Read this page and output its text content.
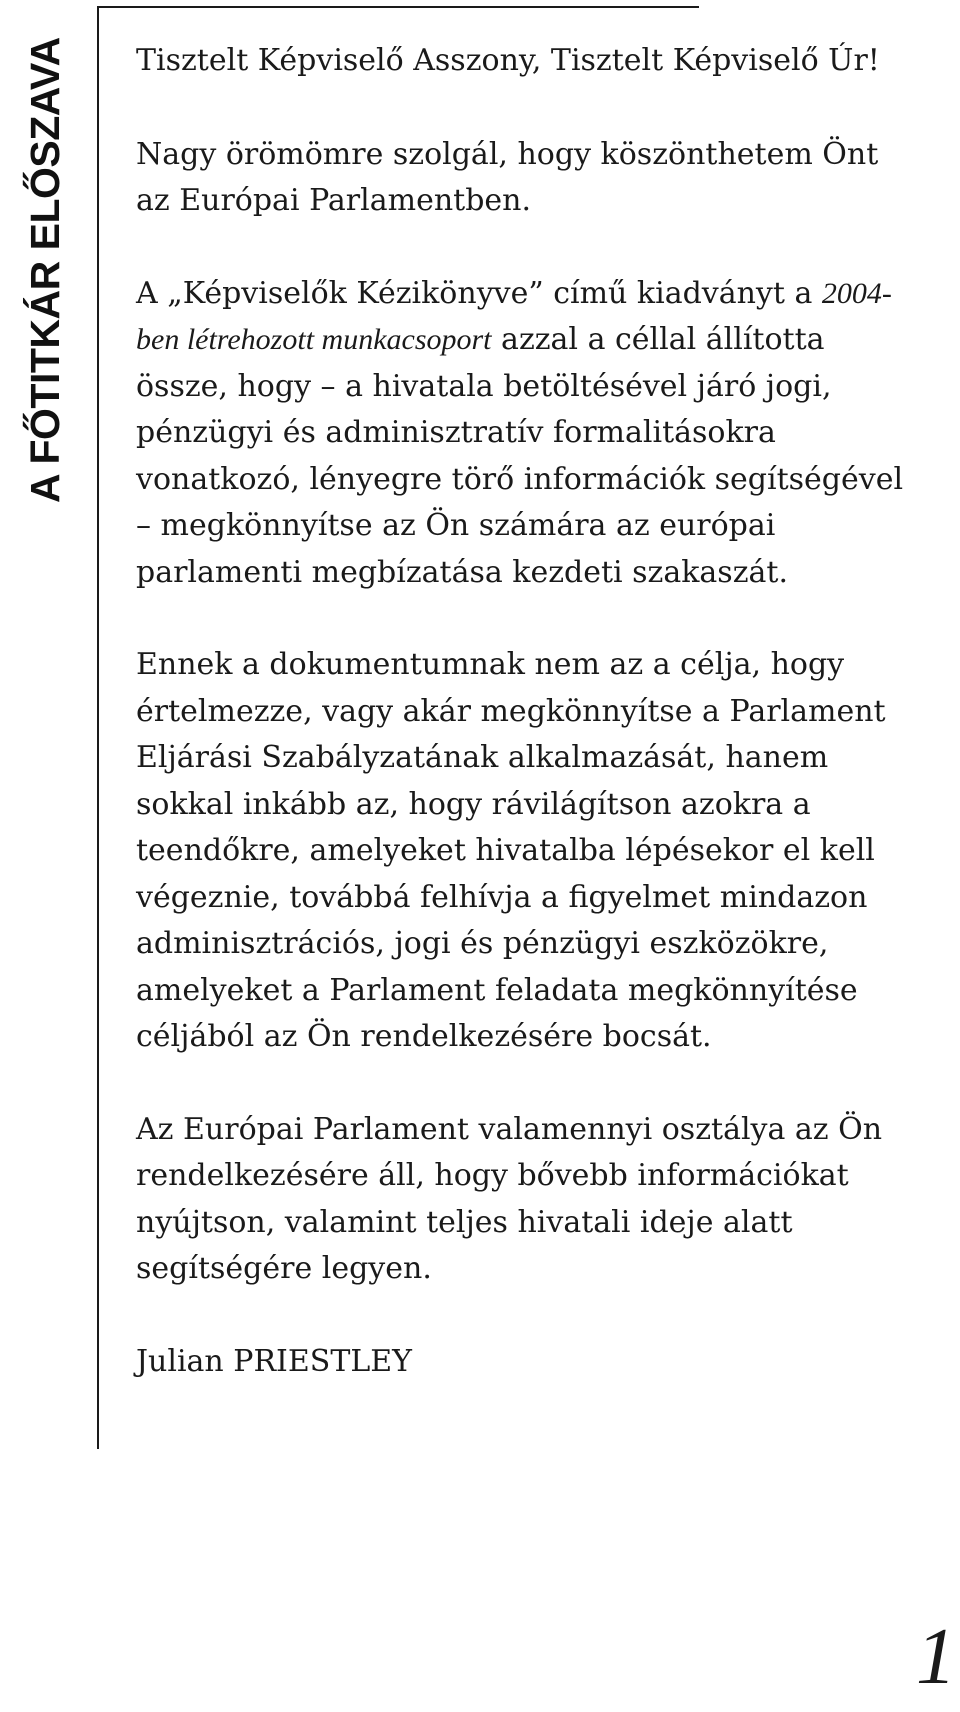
A FŐTITKÁR ELŐSZAVA Tisztelt Képviselő Asszony, Tisztelt Képviselő Úr!

Nagy örömömre szolgál, hogy köszönthetem Önt az Európai Parlamentben.

A „Képviselők Kézikönyve” című kiadványt a 2004-ben létrehozott munkacsoport azzal a céllal állította össze, hogy – a hivatala betöltésével járó jogi, pénzügyi és adminisztratív formalitásokra vonatkozó, lényegre törő információk segítségével – megkönnyítse az Ön számára az európai parlamenti megbízatása kezdeti szakaszát.

Ennek a dokumentumnak nem az a célja, hogy értelmezze, vagy akár megkönnyítse a Parlament Eljárási Szabályzatának alkalmazását, hanem sokkal inkább az, hogy rávilágítson azokra a teendőkre, amelyeket hivatalba lépésekor el kell végeznie, továbbá felhívja a figyelmet mindazon adminisztrációs, jogi és pénzügyi eszközökre, amelyeket a Parlament feladata megkönnyítése céljából az Ön rendelkezésére bocsát.

Az Európai Parlament valamennyi osztálya az Ön rendelkezésére áll, hogy bővebb információkat nyújtson, valamint teljes hivatali ideje alatt segítségére legyen.

Julian PRIESTLEY

1
